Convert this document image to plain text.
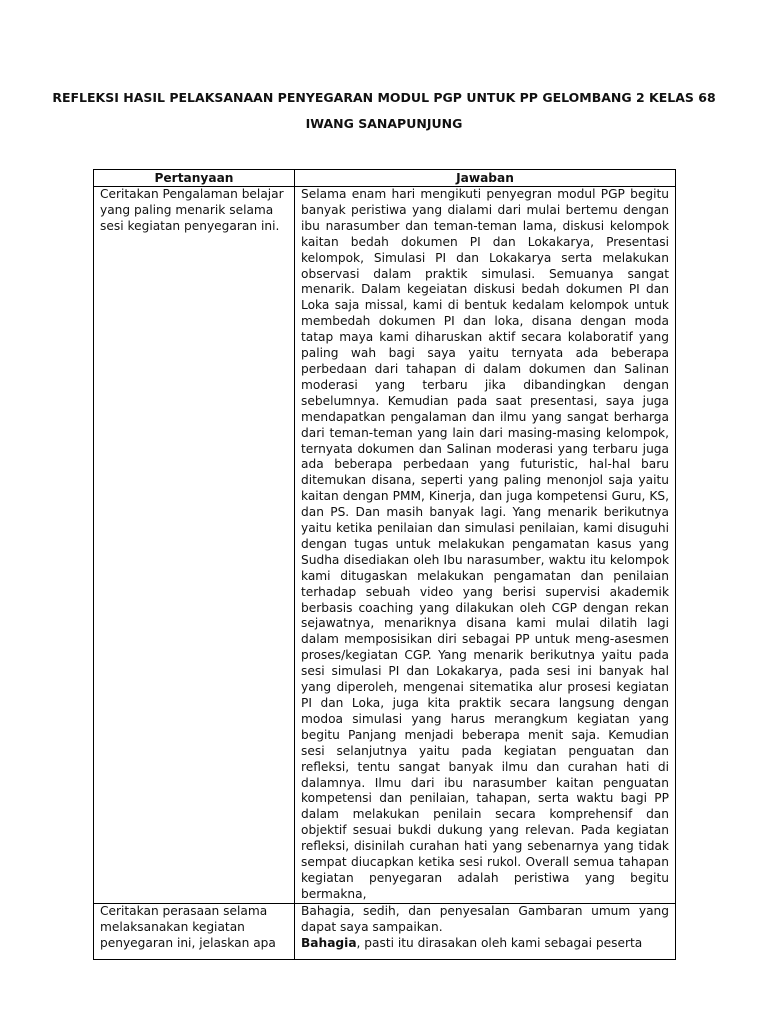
REFLEKSI HASIL PELAKSANAAN PENYEGARAN MODUL PGP UNTUK PP GELOMBANG 2 KELAS 68
IWANG SANAPUNJUNG
Pertanyaan	Jawaban
Ceritakan Pengalaman belajar yang paling menarik selama sesi kegiatan penyegaran ini.	Selama enam hari mengikuti penyegran modul PGP begitu banyak peristiwa yang dialami dari mulai bertemu dengan ibu narasumber dan teman-teman lama, diskusi kelompok kaitan bedah dokumen PI dan Lokakarya, Presentasi kelompok, Simulasi PI dan Lokakarya serta melakukan observasi dalam praktik simulasi. Semuanya sangat menarik. Dalam kegeiatan diskusi bedah dokumen PI dan Loka saja missal, kami di bentuk kedalam kelompok untuk membedah dokumen PI dan loka, disana dengan moda tatap maya kami diharuskan aktif secara kolaboratif yang paling wah bagi saya yaitu ternyata ada beberapa perbedaan dari tahapan di dalam dokumen dan Salinan moderasi yang terbaru jika dibandingkan dengan sebelumnya. Kemudian pada saat presentasi, saya juga mendapatkan pengalaman dan ilmu yang sangat berharga dari teman-teman yang lain dari masing-masing kelompok, ternyata dokumen dan Salinan moderasi yang terbaru juga ada beberapa perbedaan yang futuristic, hal-hal baru ditemukan disana, seperti yang paling menonjol saja yaitu kaitan dengan PMM, Kinerja, dan juga kompetensi Guru, KS, dan PS. Dan masih banyak lagi. Yang menarik berikutnya yaitu ketika penilaian dan simulasi penilaian, kami disuguhi dengan tugas untuk melakukan pengamatan kasus yang Sudha disediakan oleh Ibu narasumber, waktu itu kelompok kami ditugaskan melakukan pengamatan dan penilaian terhadap sebuah video yang berisi supervisi akademik berbasis coaching yang dilakukan oleh CGP dengan rekan sejawatnya, menariknya disana kami mulai dilatih lagi dalam memposisikan diri sebagai PP untuk meng-asesmen proses/kegiatan CGP. Yang menarik berikutnya yaitu pada sesi simulasi PI dan Lokakarya, pada sesi ini banyak hal yang diperoleh, mengenai sitematika alur prosesi kegiatan PI dan Loka, juga kita praktik secara langsung dengan modoa simulasi yang harus merangkum kegiatan yang begitu Panjang menjadi beberapa menit saja. Kemudian sesi selanjutnya yaitu pada kegiatan penguatan dan refleksi, tentu sangat banyak ilmu dan curahan hati di dalamnya. Ilmu dari ibu narasumber kaitan penguatan kompetensi dan penilaian, tahapan, serta waktu bagi PP dalam melakukan penilain secara komprehensif dan objektif sesuai bukdi dukung yang relevan. Pada kegiatan refleksi, disinilah curahan hati yang sebenarnya yang tidak sempat diucapkan ketika sesi rukol. Overall semua tahapan kegiatan penyegaran adalah peristiwa yang begitu bermakna,

Ceritakan perasaan selama melaksanakan kegiatan penyegaran ini, jelaskan apa	Bahagia, sedih, dan penyesalan Gambaran umum yang dapat saya sampaikan.

Bahagia, pasti itu dirasakan oleh kami sebagai peserta
